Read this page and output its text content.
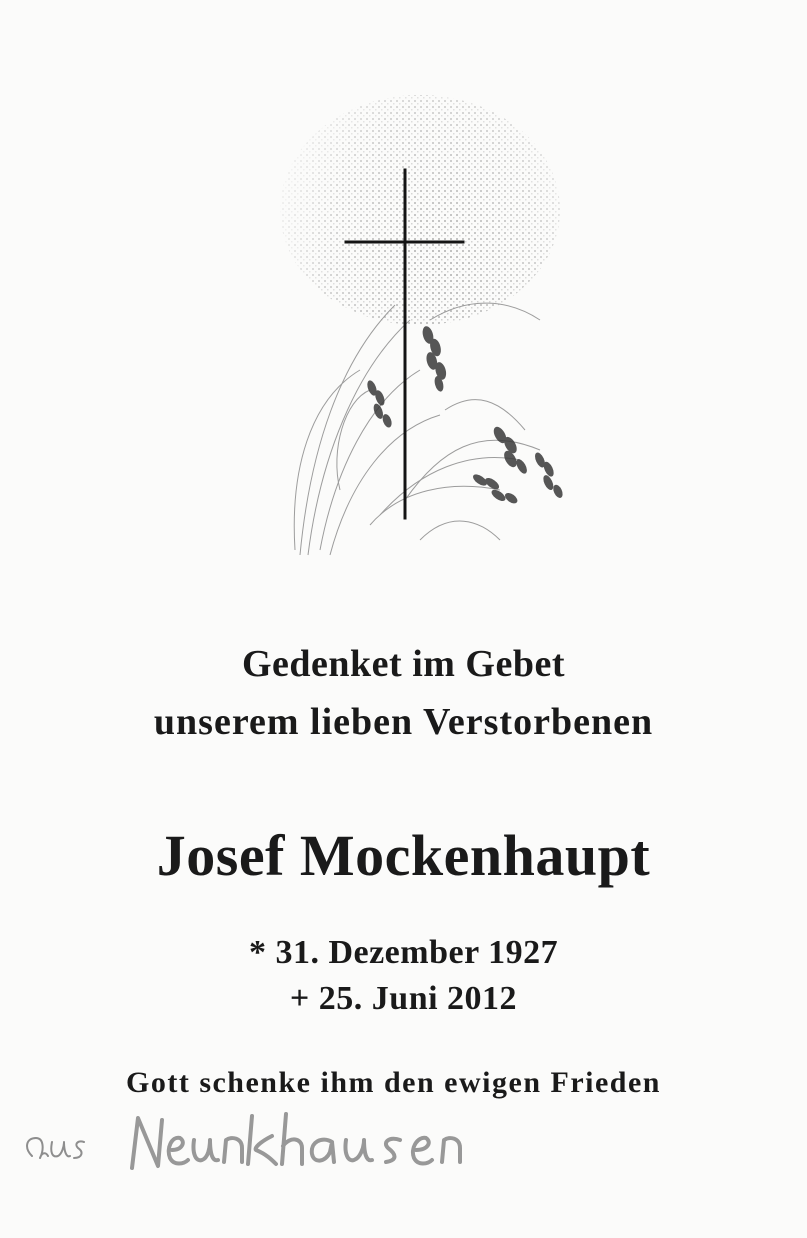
Gedenket im Gebet
unserem lieben Verstorbenen
Josef Mockenhaupt
* 31. Dezember 1927
+ 25. Juni 2012
Gott schenke ihm den ewigen Frieden
